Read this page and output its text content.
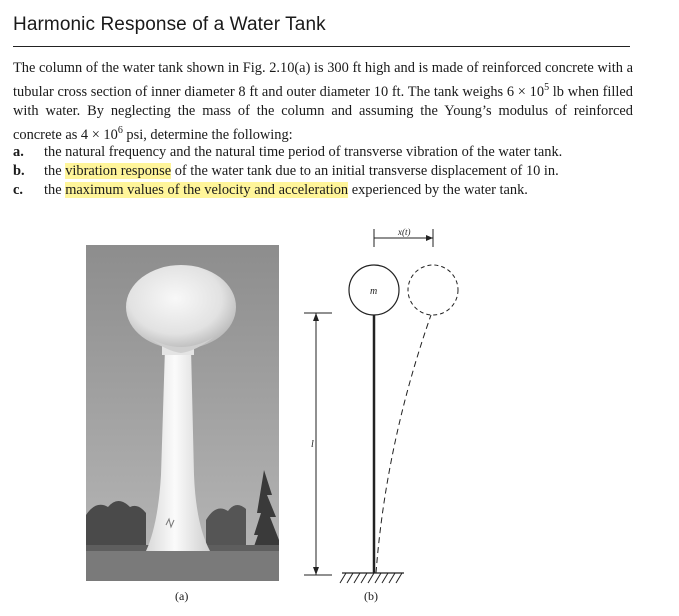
Harmonic Response of a Water Tank

The column of the water tank shown in Fig. 2.10(a) is 300 ft high and is made of reinforced concrete with a tubular cross section of inner diameter 8 ft and outer diameter 10 ft. The tank weighs $6 \times 10^5$ lb when filled with water. By neglecting the mass of the column and assuming the Young’s modulus of reinforced concrete as $4 \times 10^6$ psi, determine the following:

a.	the natural frequency and the natural time period of transverse vibration of the water tank.
b.	the vibration response of the water tank due to an initial transverse displacement of 10 in.
c.	the maximum values of the velocity and acceleration experienced by the water tank.
(a)
x(t)
m
l
(b)
